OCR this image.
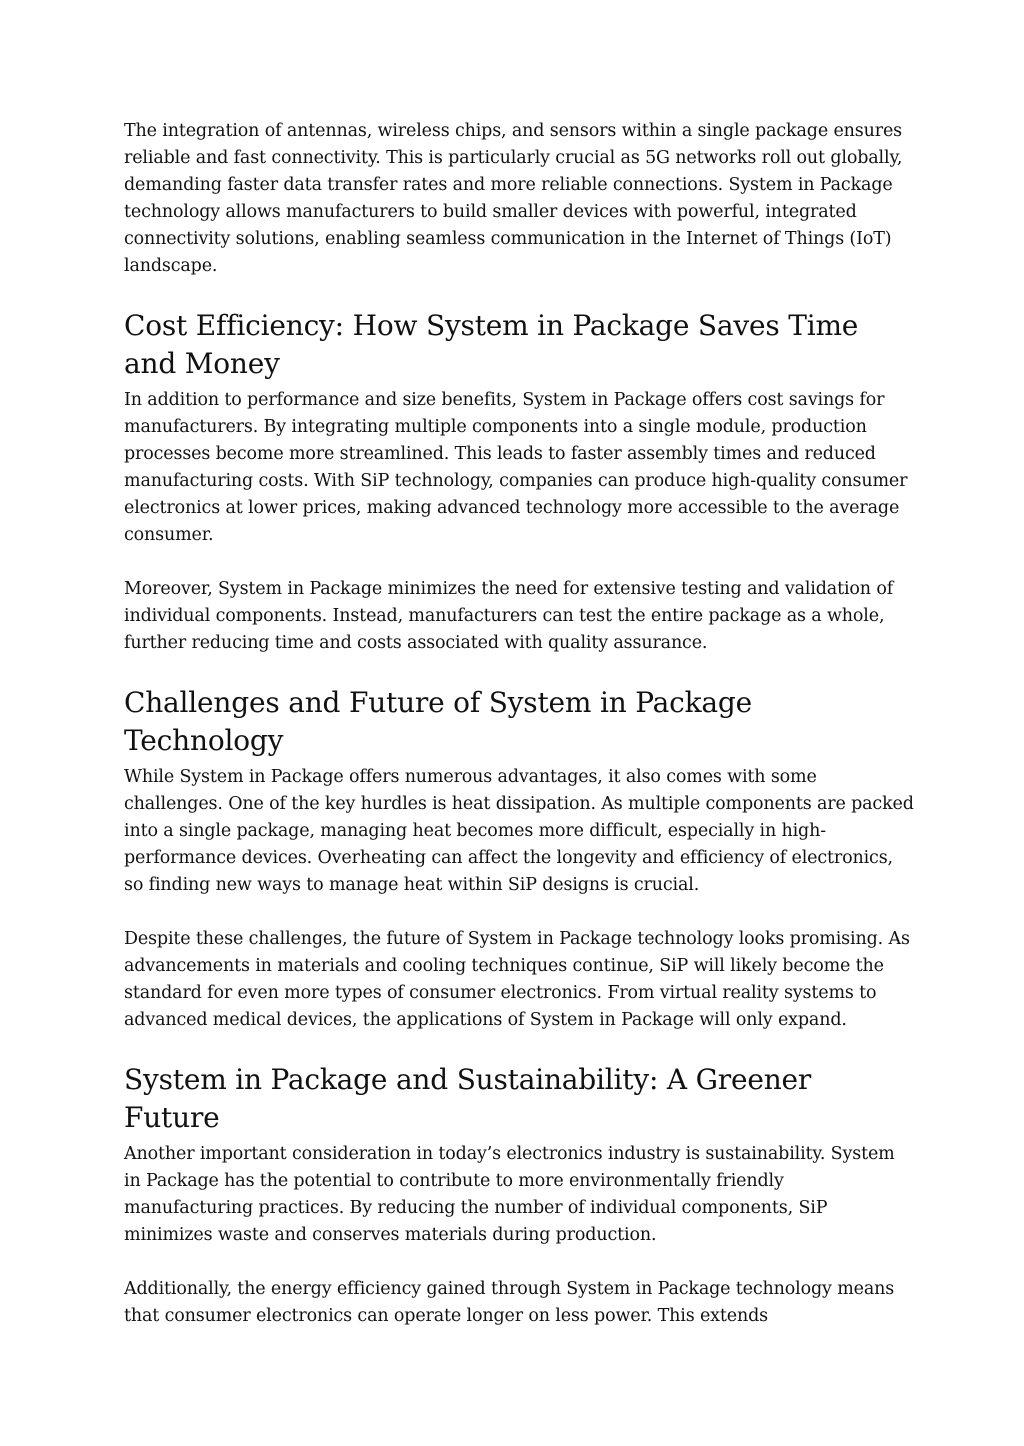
The integration of antennas, wireless chips, and sensors within a single package ensures reliable and fast connectivity. This is particularly crucial as 5G networks roll out globally, demanding faster data transfer rates and more reliable connections. System in Package technology allows manufacturers to build smaller devices with powerful, integrated connectivity solutions, enabling seamless communication in the Internet of Things (IoT) landscape.

Cost Efficiency: How System in Package Saves Time and Money

In addition to performance and size benefits, System in Package offers cost savings for manufacturers. By integrating multiple components into a single module, production processes become more streamlined. This leads to faster assembly times and reduced manufacturing costs. With SiP technology, companies can produce high-quality consumer electronics at lower prices, making advanced technology more accessible to the average consumer.

Moreover, System in Package minimizes the need for extensive testing and validation of individual components. Instead, manufacturers can test the entire package as a whole, further reducing time and costs associated with quality assurance.

Challenges and Future of System in Package Technology

While System in Package offers numerous advantages, it also comes with some challenges. One of the key hurdles is heat dissipation. As multiple components are packed into a single package, managing heat becomes more difficult, especially in high-performance devices. Overheating can affect the longevity and efficiency of electronics, so finding new ways to manage heat within SiP designs is crucial.

Despite these challenges, the future of System in Package technology looks promising. As advancements in materials and cooling techniques continue, SiP will likely become the standard for even more types of consumer electronics. From virtual reality systems to advanced medical devices, the applications of System in Package will only expand.

System in Package and Sustainability: A Greener Future

Another important consideration in today’s electronics industry is sustainability. System in Package has the potential to contribute to more environmentally friendly manufacturing practices. By reducing the number of individual components, SiP minimizes waste and conserves materials during production.

Additionally, the energy efficiency gained through System in Package technology means that consumer electronics can operate longer on less power. This extends
